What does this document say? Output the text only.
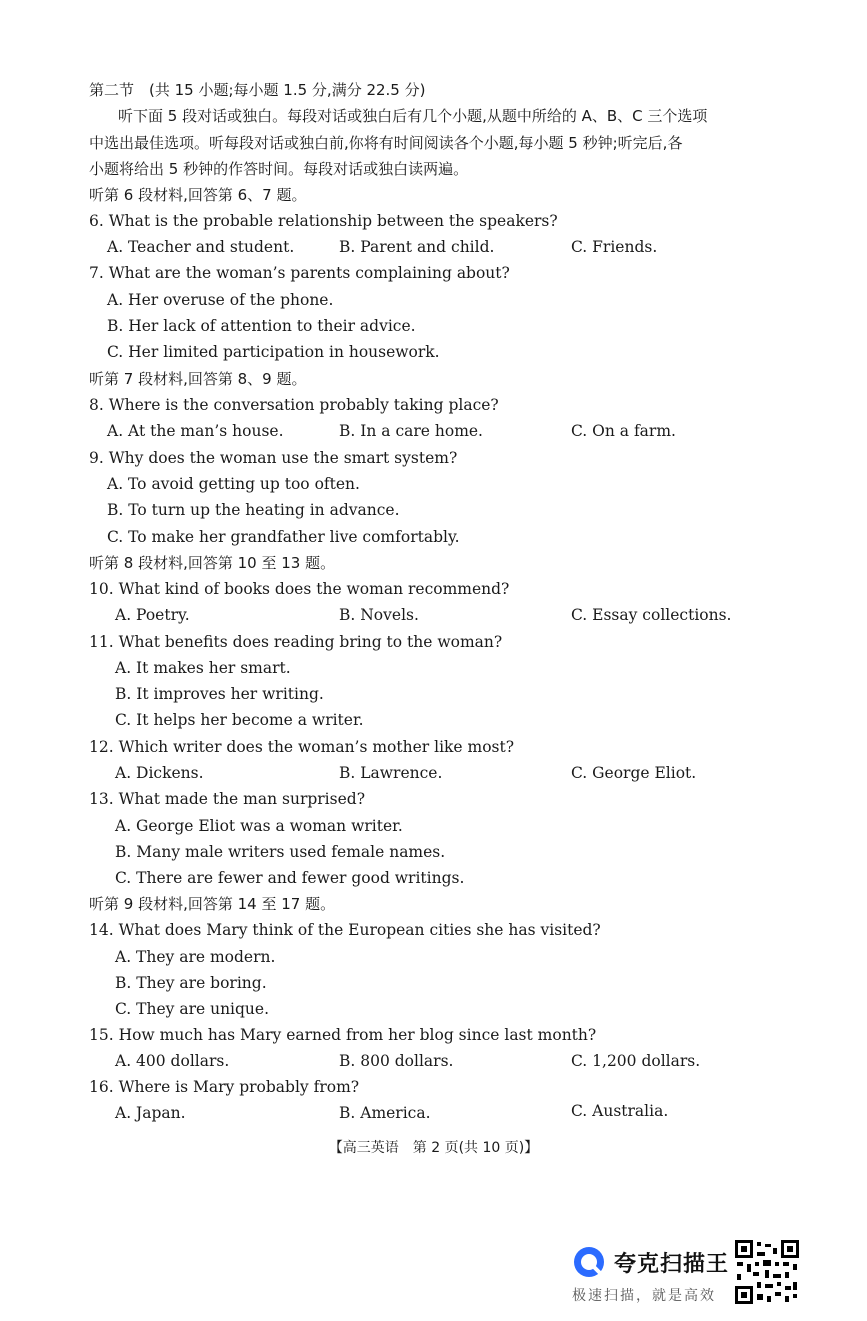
第二节　(共 15 小题;每小题 1.5 分,满分 22.5 分)
听下面 5 段对话或独白。每段对话或独白后有几个小题,从题中所给的 A、B、C 三个选项
中选出最佳选项。听每段对话或独白前,你将有时间阅读各个小题,每小题 5 秒钟;听完后,各
小题将给出 5 秒钟的作答时间。每段对话或独白读两遍。
听第 6 段材料,回答第 6、7 题。
6. What is the probable relationship between the speakers?
A. Teacher and student.	B. Parent and child.	C. Friends.
7. What are the woman’s parents complaining about?
A. Her overuse of the phone.
B. Her lack of attention to their advice.
C. Her limited participation in housework.
听第 7 段材料,回答第 8、9 题。
8. Where is the conversation probably taking place?
A. At the man’s house.	B. In a care home.	C. On a farm.
9. Why does the woman use the smart system?
A. To avoid getting up too often.
B. To turn up the heating in advance.
C. To make her grandfather live comfortably.
听第 8 段材料,回答第 10 至 13 题。
10. What kind of books does the woman recommend?
A. Poetry.	B. Novels.	C. Essay collections.
11. What benefits does reading bring to the woman?
A. It makes her smart.
B. It improves her writing.
C. It helps her become a writer.
12. Which writer does the woman’s mother like most?
A. Dickens.	B. Lawrence.	C. George Eliot.
13. What made the man surprised?
A. George Eliot was a woman writer.
B. Many male writers used female names.
C. There are fewer and fewer good writings.
听第 9 段材料,回答第 14 至 17 题。
14. What does Mary think of the European cities she has visited?
A. They are modern.
B. They are boring.
C. They are unique.
15. How much has Mary earned from her blog since last month?
A. 400 dollars.	B. 800 dollars.	C. 1,200 dollars.
16. Where is Mary probably from?
A. Japan.	B. America.	C. Australia.
【高三英语　第 2 页(共 10 页)】
夸克扫描王
极速扫描，就是高效
